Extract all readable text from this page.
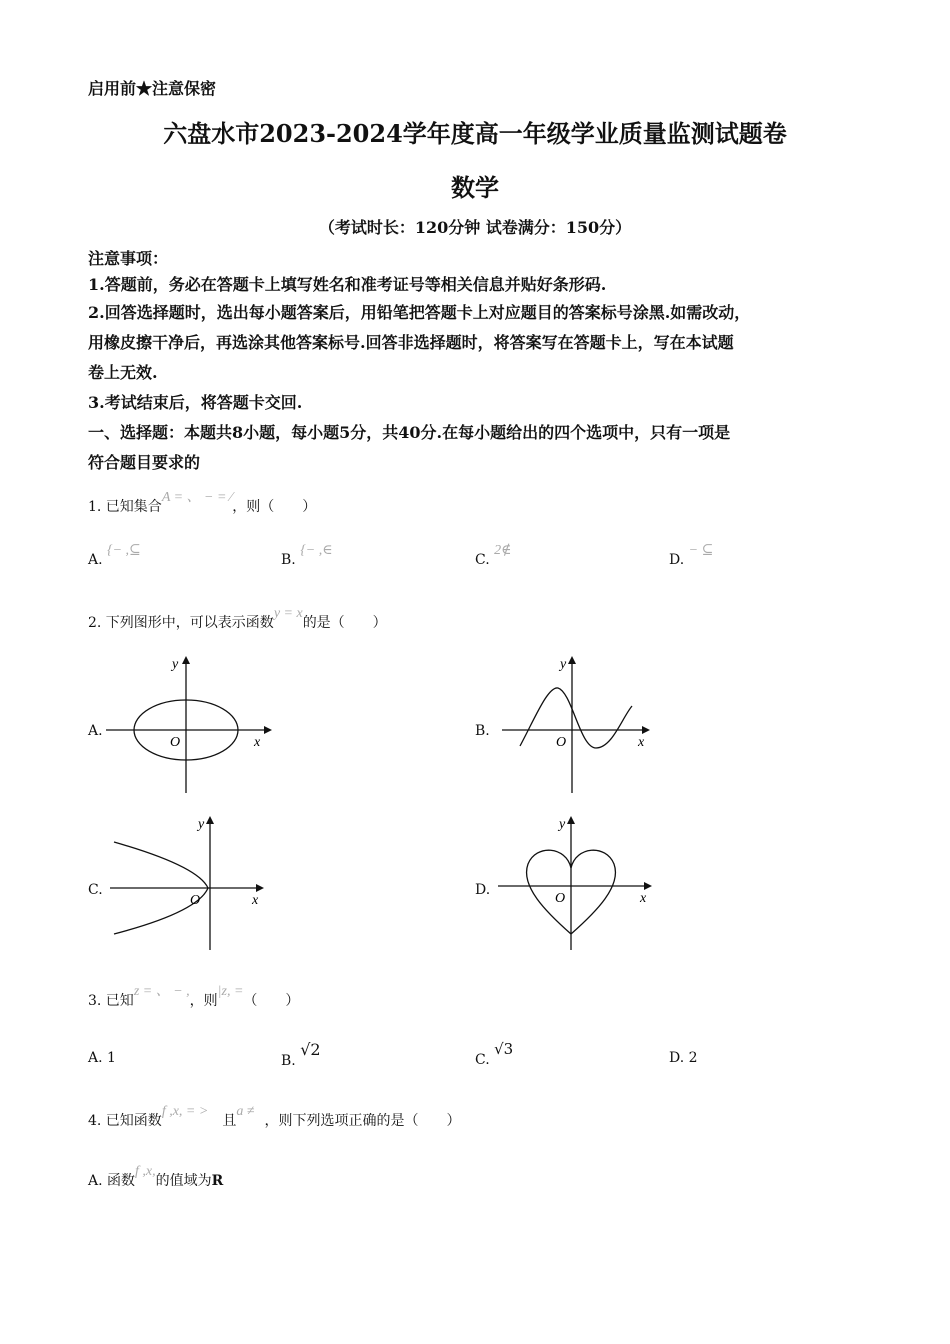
启用前★注意保密
六盘水市2023-2024学年度高一年级学业质量监测试题卷
数学
（考试时长：120分钟 试卷满分：150分）
注意事项：
1.答题前，务必在答题卡上填写姓名和准考证号等相关信息并贴好条形码.
2.回答选择题时，选出每小题答案后，用铅笔把答题卡上对应题目的答案标号涂黑.如需改动，
用橡皮擦干净后，再选涂其他答案标号.回答非选择题时，将答案写在答题卡上，写在本试题
卷上无效.
3.考试结束后，将答题卡交回.
一、选择题：本题共8小题，每小题5分，共40分.在每小题给出的四个选项中，只有一项是
符合题目要求的
1. 已知集合A = 、 − = ⁄，则（　　）
A. {− ,⊆
B. {− ,∈
C. 2∉
D. − ⊆
2. 下列图形中，可以表示函数y = x的是（　　）
A.	B.
C.	D.
y
x
O
y
x
O
y
x
O
y
x
O
3. 已知z = 、 − ,，则|z, =（　　）
A. 1	B. √2
C. √3	D. 2
4. 已知函数f ,x, = >且a ≠，则下列选项正确的是（　　）
A. 函数f ,x,的值域为R
